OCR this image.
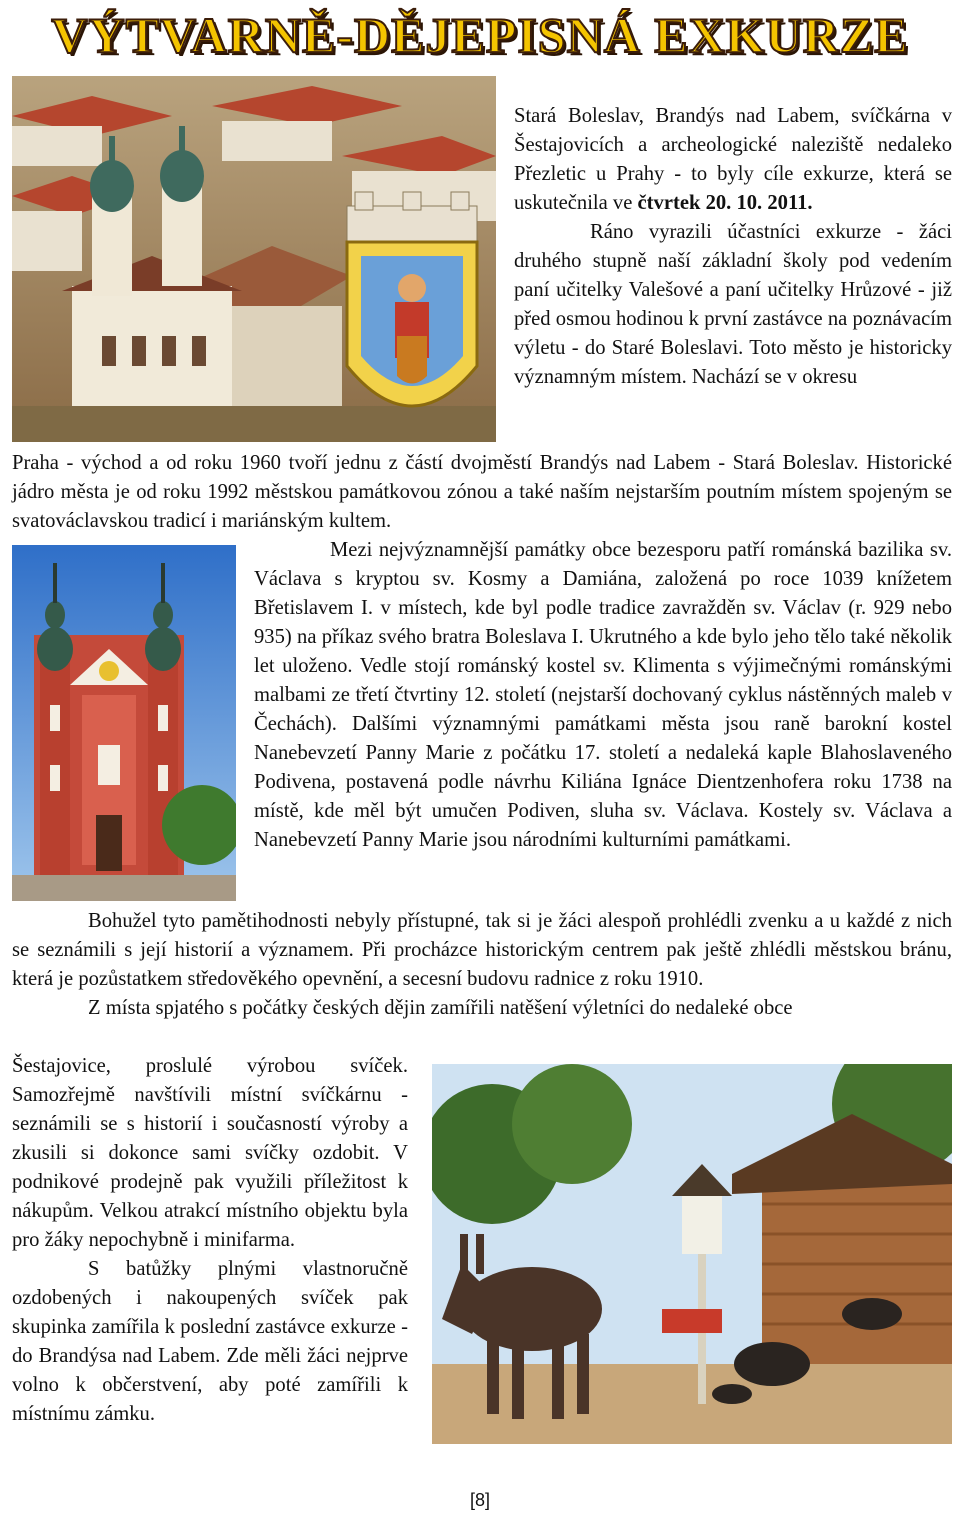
VÝTVARNĚ-DĚJEPISNÁ EXKURZE

Stará Boleslav, Brandýs nad Labem, svíčkárna v Šestajovicích a archeologické naleziště nedaleko Přezletic u Prahy - to byly cíle exkurze, která se uskutečnila ve čtvrtek 20. 10. 2011.

Ráno vyrazili účastníci exkurze - žáci druhého stupně naší základní školy pod vedením paní učitelky Valešové a paní učitelky Hrůzové - již před osmou hodinou k první zastávce na poznávacím výletu - do Staré Boleslavi. Toto město je historicky významným místem. Nachází se v okresu

Praha - východ a od roku 1960 tvoří jednu z částí dvojměstí Brandýs nad Labem - Stará Boleslav. Historické jádro města je od roku 1992 městskou památkovou zónou a také naším nejstarším poutním místem spojeným se svatováclavskou tradicí i mariánským kultem.

Mezi nejvýznamnější památky obce bezesporu patří románská bazilika sv. Václava s kryptou sv. Kosmy a Damiána, založená po roce 1039 knížetem Břetislavem I. v místech, kde byl podle tradice zavražděn sv. Václav (r. 929 nebo 935) na příkaz svého bratra Boleslava I. Ukrutného a kde bylo jeho tělo také několik let uloženo. Vedle stojí románský kostel sv. Klimenta s výjimečnými románskými malbami ze třetí čtvrtiny 12. století (nejstarší dochovaný cyklus nástěnných maleb v Čechách). Dalšími významnými památkami města jsou raně barokní kostel Nanebevzetí Panny Marie z počátku 17. století a nedaleká kaple Blahoslaveného Podivena, postavená podle návrhu Kiliána Ignáce Dientzenhofera roku 1738 na místě, kde měl být umučen Podiven, sluha sv. Václava. Kostely sv. Václava a Nanebevzetí Panny Marie jsou národními kulturními památkami.

Bohužel tyto pamětihodnosti nebyly přístupné, tak si je žáci alespoň prohlédli zvenku a u každé z nich se seznámili s její historií a významem. Při procházce historickým centrem pak ještě zhlédli městskou bránu, která je pozůstatkem středověkého opevnění, a secesní budovu radnice z roku 1910.

Z místa spjatého s počátky českých dějin zamířili natěšení výletníci do nedaleké obce

Šestajovice, proslulé výrobou svíček. Samozřejmě navštívili místní svíčkárnu - seznámili se s historií i současností výroby a zkusili si dokonce sami svíčky ozdobit. V podnikové prodejně pak využili příležitost k nákupům. Velkou atrakcí místního objektu byla pro žáky nepochybně i minifarma.

S batůžky plnými vlastnoručně ozdobených i nakoupených svíček pak skupinka zamířila k poslední zastávce exkurze - do Brandýsa nad Labem. Zde měli žáci nejprve volno k občerstvení, aby poté zamířili k místnímu zámku.

[8]
